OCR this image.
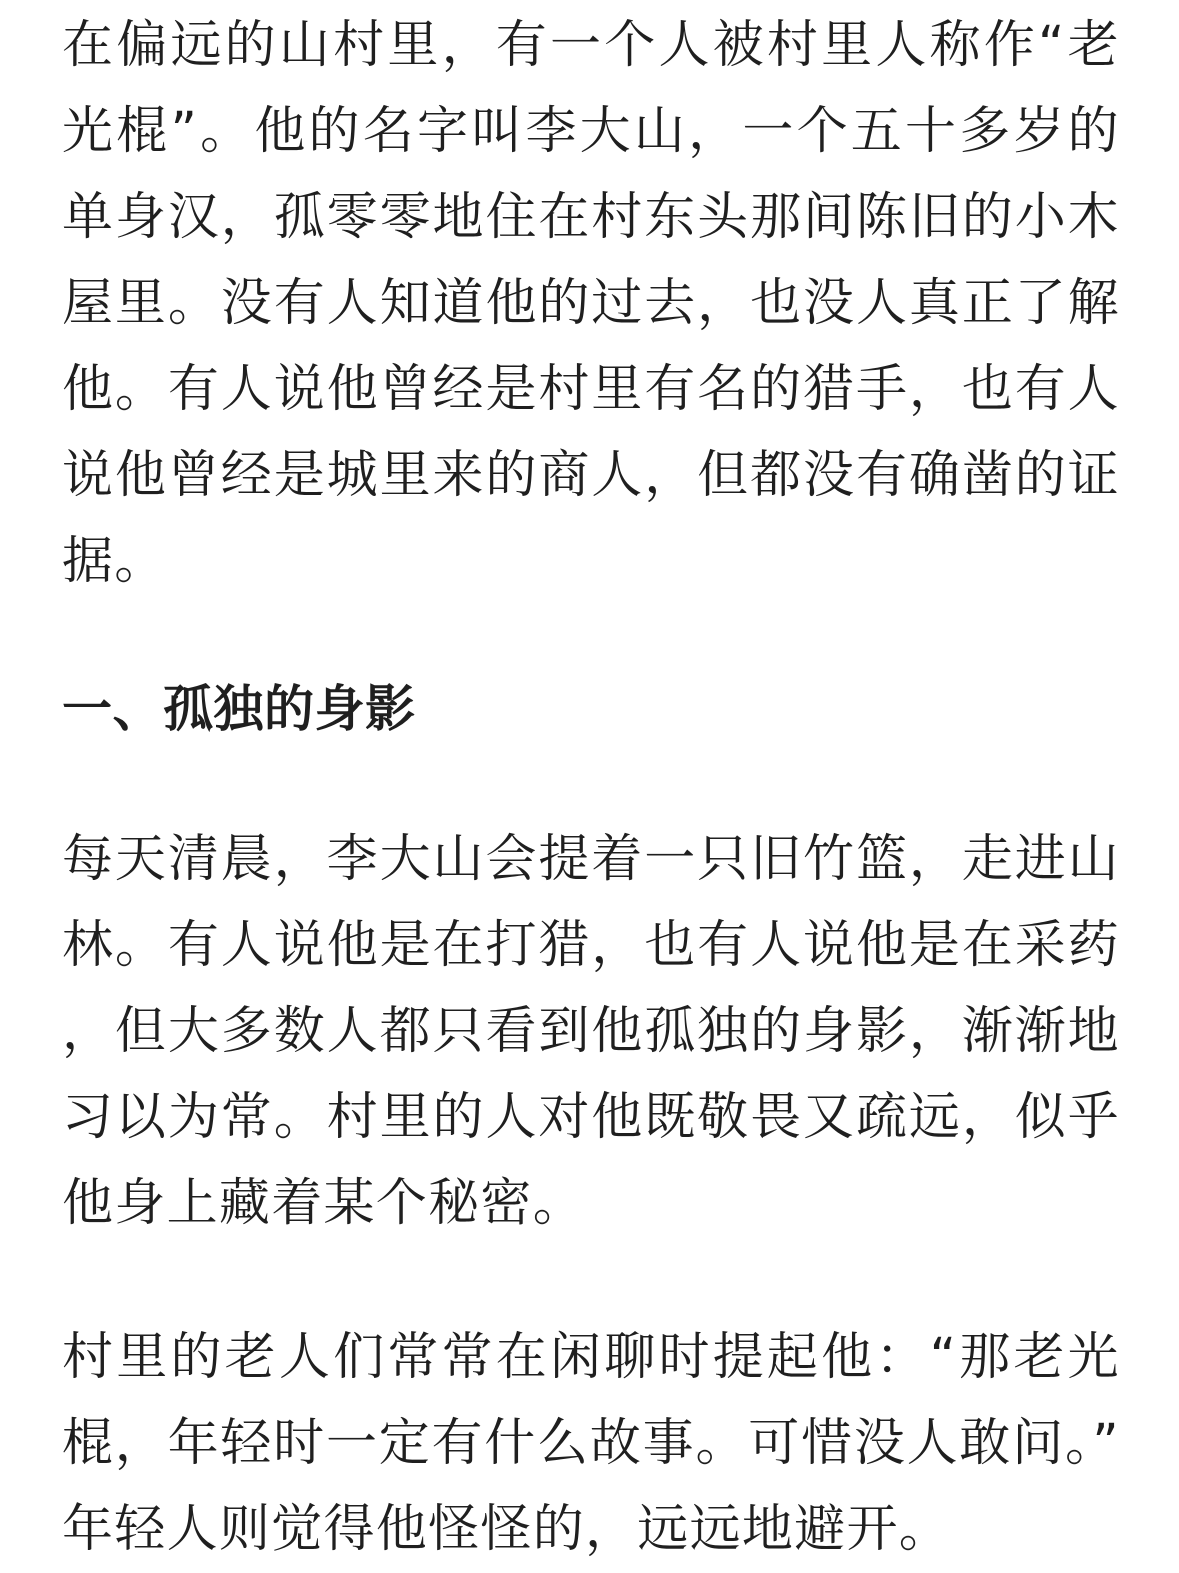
在偏远的山村里，有一个人被村里人称作“老光棍”。他的名字叫李大山，一个五十多岁的单身汉，孤零零地住在村东头那间陈旧的小木屋里。没有人知道他的过去，也没人真正了解他。有人说他曾经是村里有名的猎手，也有人说他曾经是城里来的商人，但都没有确凿的证据。

一、孤独的身影

每天清晨，李大山会提着一只旧竹篮，走进山林。有人说他是在打猎，也有人说他是在采药，但大多数人都只看到他孤独的身影，渐渐地习以为常。村里的人对他既敬畏又疏远，似乎他身上藏着某个秘密。

村里的老人们常常在闲聊时提起他：“那老光棍，年轻时一定有什么故事。可惜没人敢问。”年轻人则觉得他怪怪的，远远地避开。
